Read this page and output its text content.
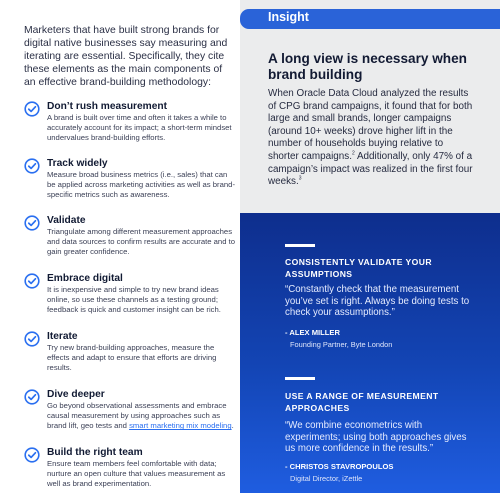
Marketers that have built strong brands for digital native businesses say measuring and iterating are essential. Specifically, they cite these elements as the main components of an effective brand-building methodology:

Don’t rush measurement
A brand is built over time and often it takes a while to accurately account for its impact; a short-term mindset undervalues brand-building efforts.
Track widely
Measure broad business metrics (i.e., sales) that can be applied across marketing activities as well as brand-specific metrics such as awareness.
Validate
Triangulate among different measurement approaches and data sources to confirm results are accurate and to gain greater confidence.
Embrace digital
It is inexpensive and simple to try new brand ideas online, so use these channels as a testing ground; feedback is quick and customer insight can be rich.
Iterate
Try new brand-building approaches, measure the effects and adapt to ensure that efforts are driving results.
Dive deeper
Go beyond observational assessments and embrace causal measurement by using approaches such as brand lift, geo tests and smart marketing mix modeling.
Build the right team
Ensure team members feel comfortable with data; nurture an open culture that values measurement as well as brand experimentation.
Insight
A long view is necessary when brand building

When Oracle Data Cloud analyzed the results of CPG brand campaigns, it found that for both large and small brands, longer campaigns (around 10+ weeks) drove higher lift in the number of households buying relative to shorter campaigns.$^2$ Additionally, only 47% of a campaign’s impact was realized in the first four weeks.$^3$

CONSISTENTLY VALIDATE YOUR ASSUMPTIONS
“Constantly check that the measurement you’ve set is right. Always be doing tests to check your assumptions.”
- ALEX MILLER
Founding Partner, Byte London
USE A RANGE OF MEASUREMENT APPROACHES
“We combine econometrics with experiments; using both approaches gives us more confidence in the results.”
- CHRISTOS STAVROPOULOS
Digital Director, iZettle
